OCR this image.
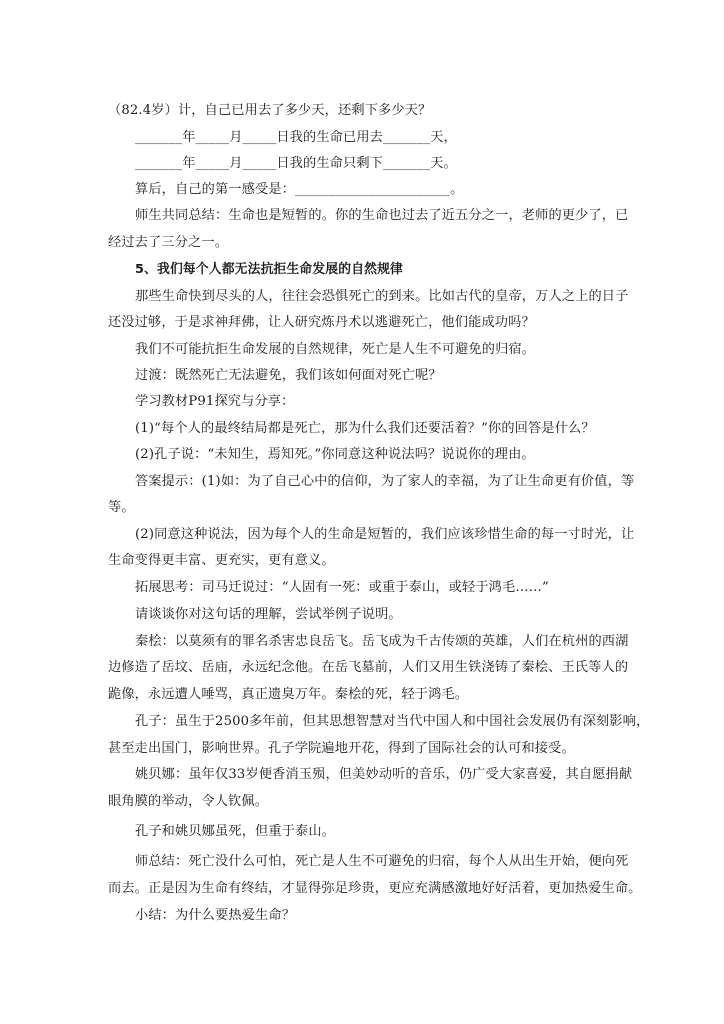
（82.4岁）计，自己已用去了多少天，还剩下多少天？
_______年_____月_____日我的生命已用去_______天，
_______年_____月_____日我的生命只剩下_______天。
算后，自己的第一感受是：_______________________。
师生共同总结：生命也是短暂的。你的生命也过去了近五分之一，老师的更少了，已
经过去了三分之一。
5、我们每个人都无法抗拒生命发展的自然规律
那些生命快到尽头的人，往往会恐惧死亡的到来。比如古代的皇帝，万人之上的日子
还没过够，于是求神拜佛，让人研究炼丹术以逃避死亡，他们能成功吗？
我们不可能抗拒生命发展的自然规律，死亡是人生不可避免的归宿。
过渡：既然死亡无法避免，我们该如何面对死亡呢？
学习教材P91探究与分享：
(1)“每个人的最终结局都是死亡，那为什么我们还要活着？”你的回答是什么？
(2)孔子说：“未知生，焉知死。”你同意这种说法吗？说说你的理由。
答案提示：(1)如：为了自己心中的信仰，为了家人的幸福，为了让生命更有价值，等
等。
(2)同意这种说法，因为每个人的生命是短暂的，我们应该珍惜生命的每一寸时光，让
生命变得更丰富、更充实，更有意义。
拓展思考：司马迁说过：“人固有一死：或重于泰山，或轻于鸿毛……”
请谈谈你对这句话的理解，尝试举例子说明。
秦桧：以莫须有的罪名杀害忠良岳飞。岳飞成为千古传颂的英雄，人们在杭州的西湖
边修造了岳坟、岳庙，永远纪念他。在岳飞墓前，人们又用生铁浇铸了秦桧、王氏等人的
跪像，永远遭人唾骂，真正遗臭万年。秦桧的死，轻于鸿毛。
孔子：虽生于2500多年前，但其思想智慧对当代中国人和中国社会发展仍有深刻影响，
甚至走出国门，影响世界。孔子学院遍地开花，得到了国际社会的认可和接受。
姚贝娜：虽年仅33岁便香消玉殒，但美妙动听的音乐，仍广受大家喜爱，其自愿捐献
眼角膜的举动，令人钦佩。
孔子和姚贝娜虽死，但重于泰山。
师总结：死亡没什么可怕，死亡是人生不可避免的归宿，每个人从出生开始，便向死
而去。正是因为生命有终结，才显得弥足珍贵，更应充满感激地好好活着，更加热爱生命。
小结：为什么要热爱生命？
